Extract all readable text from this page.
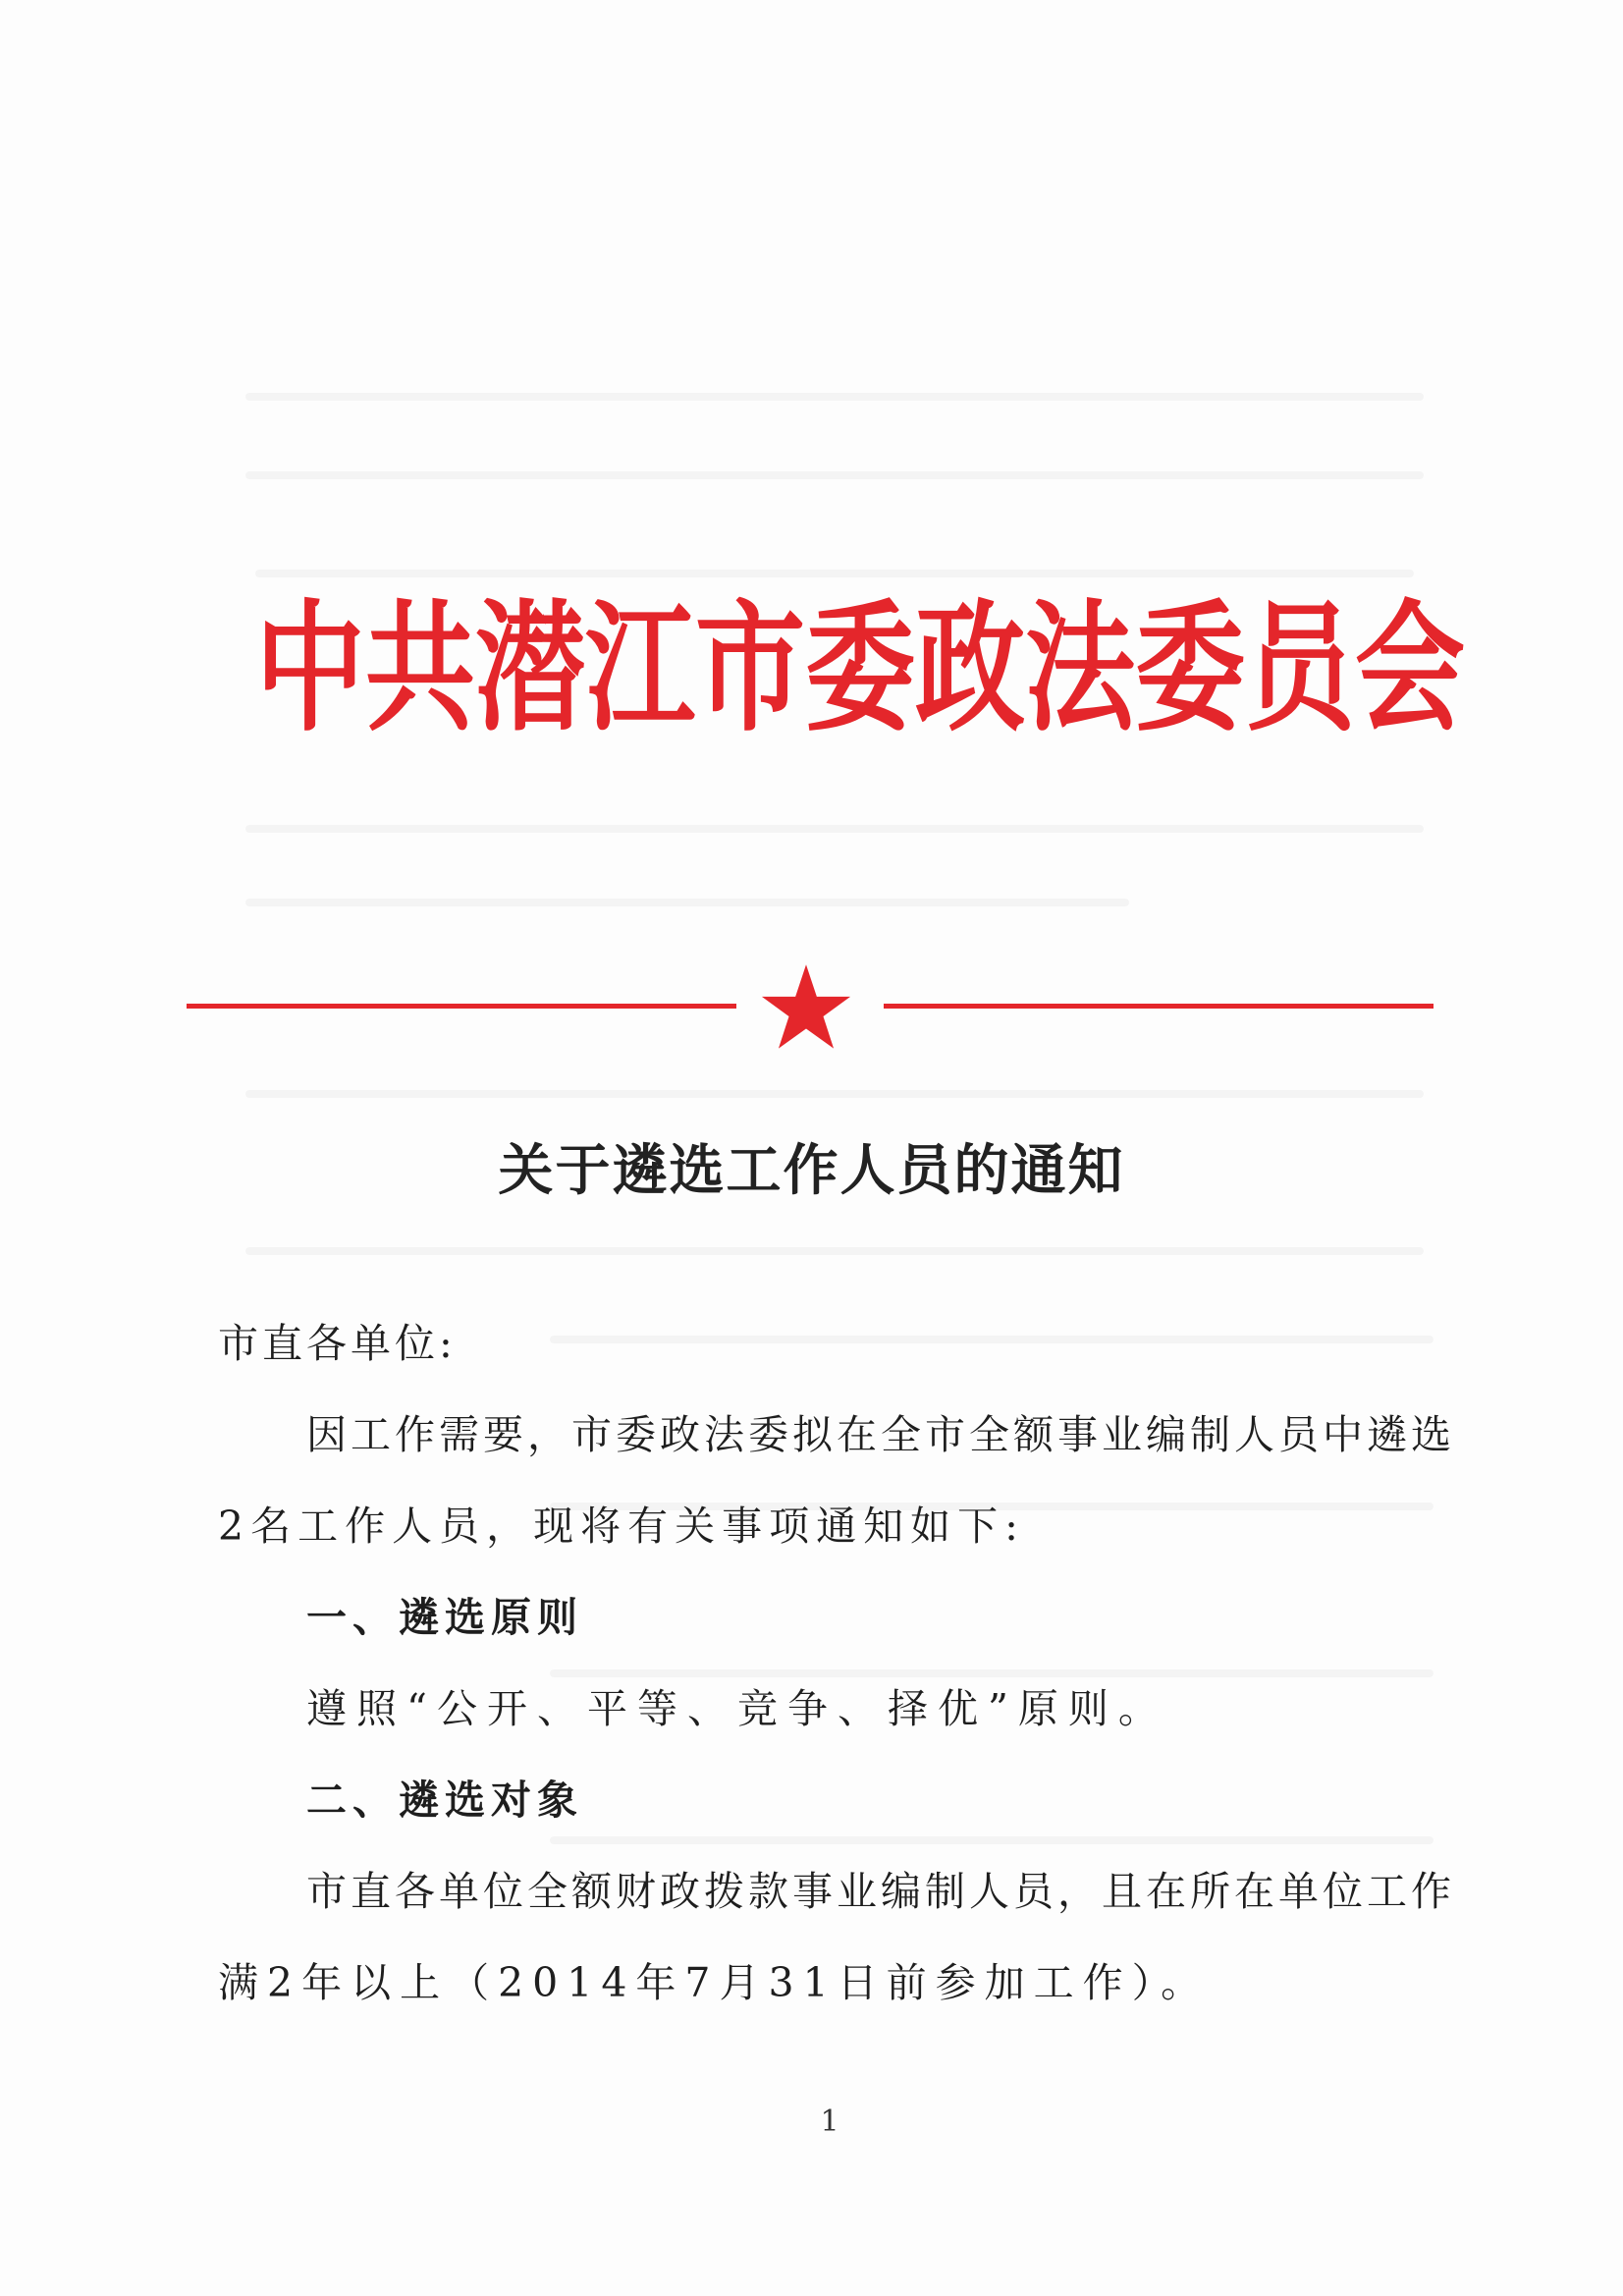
中共潜江市委政法委员会
关于遴选工作人员的通知
市直各单位:
因工作需要，市委政法委拟在全市全额事业编制人员中遴选
2名工作人员，现将有关事项通知如下:
一、遴选原则
遵照“公开、平等、竞争、择优”原则。
二、遴选对象
市直各单位全额财政拨款事业编制人员，且在所在单位工作
满2年以上（2014年7月31日前参加工作）。
1
